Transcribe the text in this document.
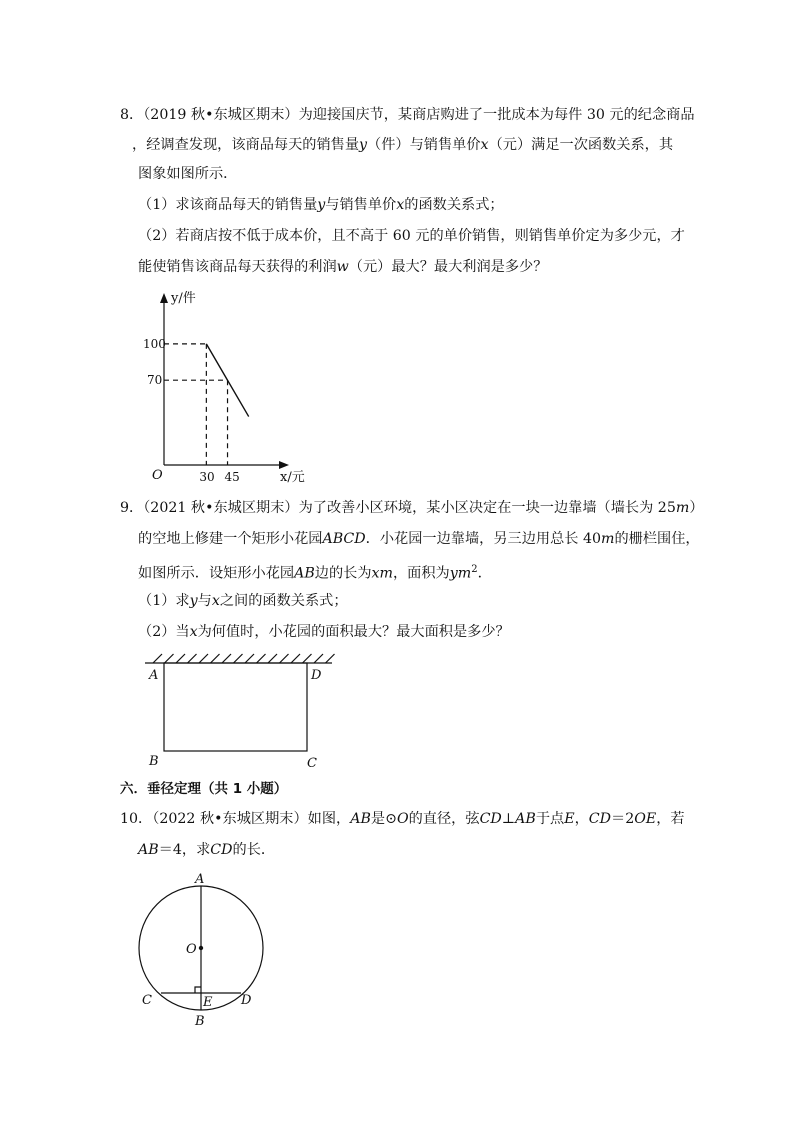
8．（2019 秋•东城区期末）为迎接国庆节，某商店购进了一批成本为每件 30 元的纪念商品
，经调查发现，该商品每天的销售量y（件）与销售单价x（元）满足一次函数关系，其
图象如图所示．
（1）求该商品每天的销售量y与销售单价x的函数关系式；
（2）若商店按不低于成本价，且不高于 60 元的单价销售，则销售单价定为多少元，才
能使销售该商品每天获得的利润w（元）最大？最大利润是多少？
y/件
x/元
O
100
70
30 45
9．（2021 秋•东城区期末）为了改善小区环境，某小区决定在一块一边靠墙（墙长为 25m）
的空地上修建一个矩形小花园ABCD．小花园一边靠墙，另三边用总长 40m的栅栏围住，
如图所示．设矩形小花园AB边的长为xm，面积为$ym^2$．
（1）求y与x之间的函数关系式；
（2）当x为何值时，小花园的面积最大？最大面积是多少？
A	D
B	C
六．垂径定理（共 1 小题）
10．（2022 秋•东城区期末）如图，AB是⊙O的直径，弦CD⊥AB于点E，CD＝2OE，若
AB＝4，求CD的长．
A
O
C	D
E
B
